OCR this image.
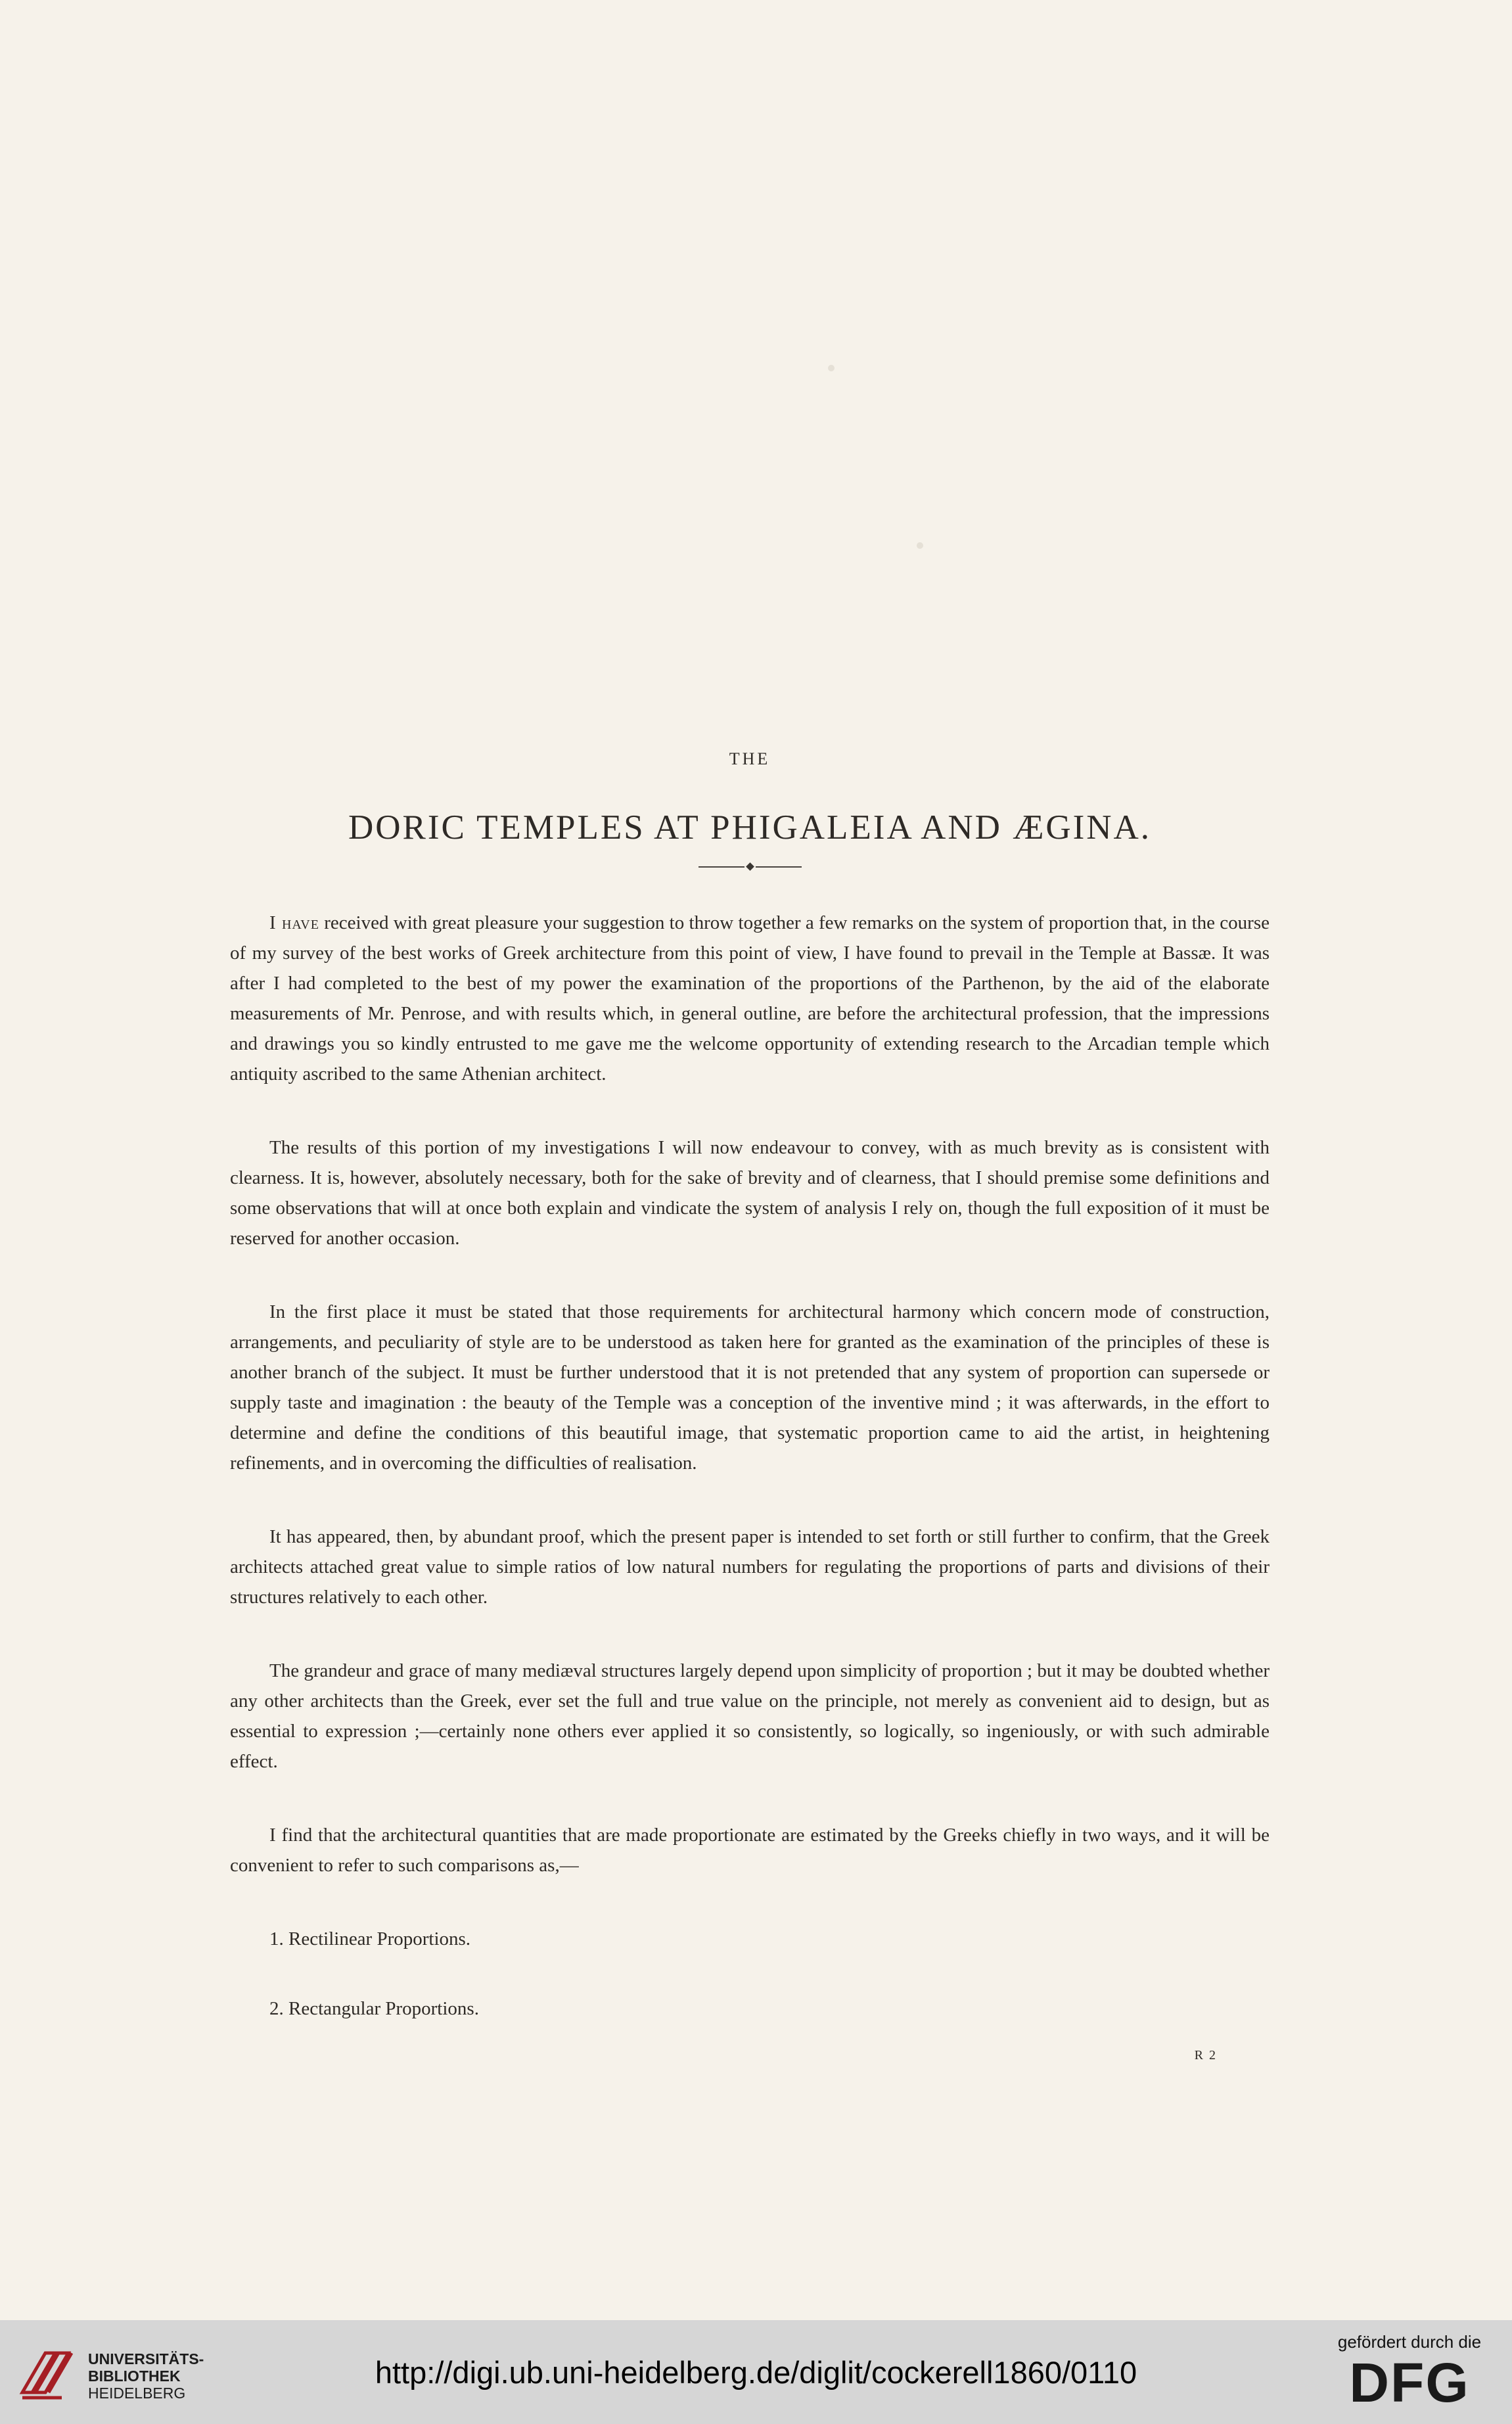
THE
DORIC TEMPLES AT PHIGALEIA AND ÆGINA.

I have received with great pleasure your suggestion to throw together a few remarks on the system of proportion that, in the course of my survey of the best works of Greek architecture from this point of view, I have found to prevail in the Temple at Bassæ. It was after I had completed to the best of my power the examination of the proportions of the Parthenon, by the aid of the elaborate measurements of Mr. Penrose, and with results which, in general outline, are before the architectural profession, that the impressions and drawings you so kindly entrusted to me gave me the welcome opportunity of extending research to the Arcadian temple which antiquity ascribed to the same Athenian architect.

The results of this portion of my investigations I will now endeavour to convey, with as much brevity as is consistent with clearness. It is, however, absolutely necessary, both for the sake of brevity and of clearness, that I should premise some definitions and some observations that will at once both explain and vindicate the system of analysis I rely on, though the full exposition of it must be reserved for another occasion.

In the first place it must be stated that those requirements for architectural harmony which concern mode of construction, arrangements, and peculiarity of style are to be understood as taken here for granted as the examination of the principles of these is another branch of the subject. It must be further understood that it is not pretended that any system of proportion can supersede or supply taste and imagination : the beauty of the Temple was a conception of the inventive mind ; it was afterwards, in the effort to determine and define the conditions of this beautiful image, that systematic proportion came to aid the artist, in heightening refinements, and in overcoming the difficulties of realisation.

It has appeared, then, by abundant proof, which the present paper is intended to set forth or still further to confirm, that the Greek architects attached great value to simple ratios of low natural numbers for regulating the proportions of parts and divisions of their structures relatively to each other.

The grandeur and grace of many mediæval structures largely depend upon simplicity of proportion ; but it may be doubted whether any other architects than the Greek, ever set the full and true value on the principle, not merely as convenient aid to design, but as essential to expression ;—certainly none others ever applied it so consistently, so logically, so ingeniously, or with such admirable effect.

I find that the architectural quantities that are made proportionate are estimated by the Greeks chiefly in two ways, and it will be convenient to refer to such comparisons as,—

1. Rectilinear Proportions.
2. Rectangular Proportions.
R 2
UNIVERSITÄTS-
BIBLIOTHEK
HEIDELBERG
http://digi.ub.uni-heidelberg.de/diglit/cockerell1860/0110
gefördert durch die
DFG
